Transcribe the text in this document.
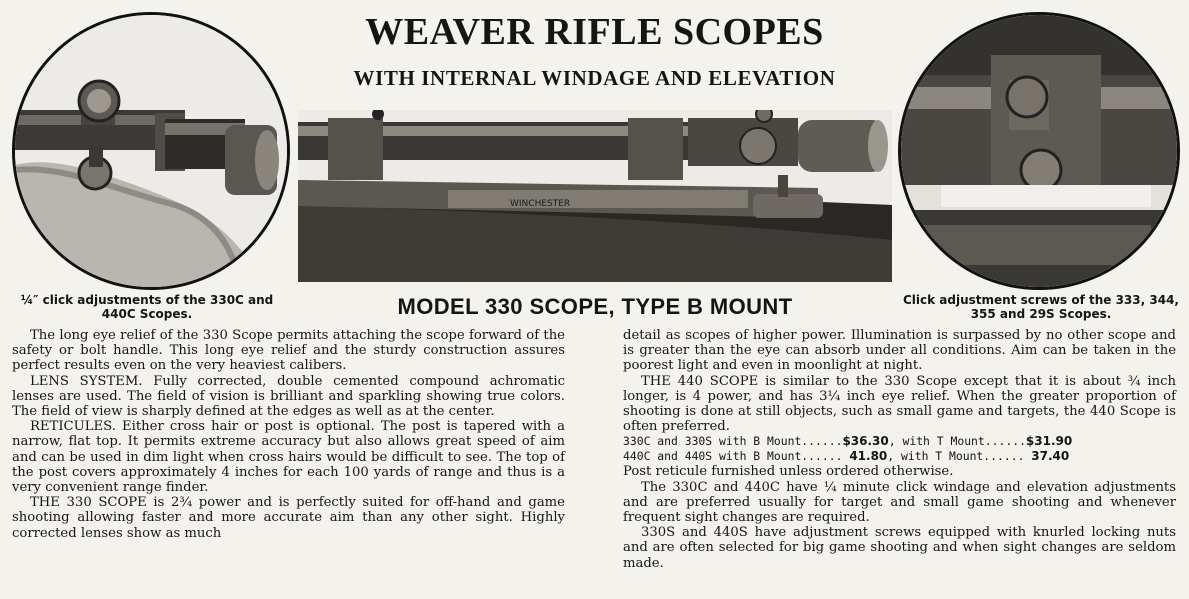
WEAVER RIFLE SCOPES
WITH INTERNAL WINDAGE AND ELEVATION
WINCHESTER
¼″ click adjustments of the 330C and 440C Scopes.	MODEL 330 SCOPE, TYPE B MOUNT	Click adjustment screws of the 333, 344, 355 and 29S Scopes.

The long eye relief of the 330 Scope permits attaching the scope forward of the safety or bolt handle. This long eye relief and the sturdy construction assures perfect results even on the very heaviest calibers.

LENS SYSTEM. Fully corrected, double cemented compound achromatic lenses are used. The field of vision is brilliant and sparkling showing true colors. The field of view is sharply defined at the edges as well as at the center.

RETICULES. Either cross hair or post is optional. The post is tapered with a narrow, flat top. It permits extreme accuracy but also allows great speed of aim and can be used in dim light when cross hairs would be difficult to see. The top of the post covers approximately 4 inches for each 100 yards of range and thus is a very convenient range finder.

THE 330 SCOPE is 2¾ power and is perfectly suited for off-hand and game shooting allowing faster and more accurate aim than any other sight. Highly corrected lenses show as much

detail as scopes of higher power. Illumination is surpassed by no other scope and is greater than the eye can absorb under all conditions. Aim can be taken in the poorest light and even in moonlight at night.

THE 440 SCOPE is similar to the 330 Scope except that it is about ¾ inch longer, is 4 power, and has 3¼ inch eye relief. When the greater proportion of shooting is done at still objects, such as small game and targets, the 440 Scope is often preferred.

330C and 330S with B Mount......$36.30, with T Mount......$31.90
440C and 440S with B Mount...... 41.80, with T Mount...... 37.40

Post reticule furnished unless ordered otherwise.

The 330C and 440C have ¼ minute click windage and elevation adjustments and are preferred usually for target and small game shooting and whenever frequent sight changes are required.

330S and 440S have adjustment screws equipped with knurled locking nuts and are often selected for big game shooting and when sight changes are seldom made.
